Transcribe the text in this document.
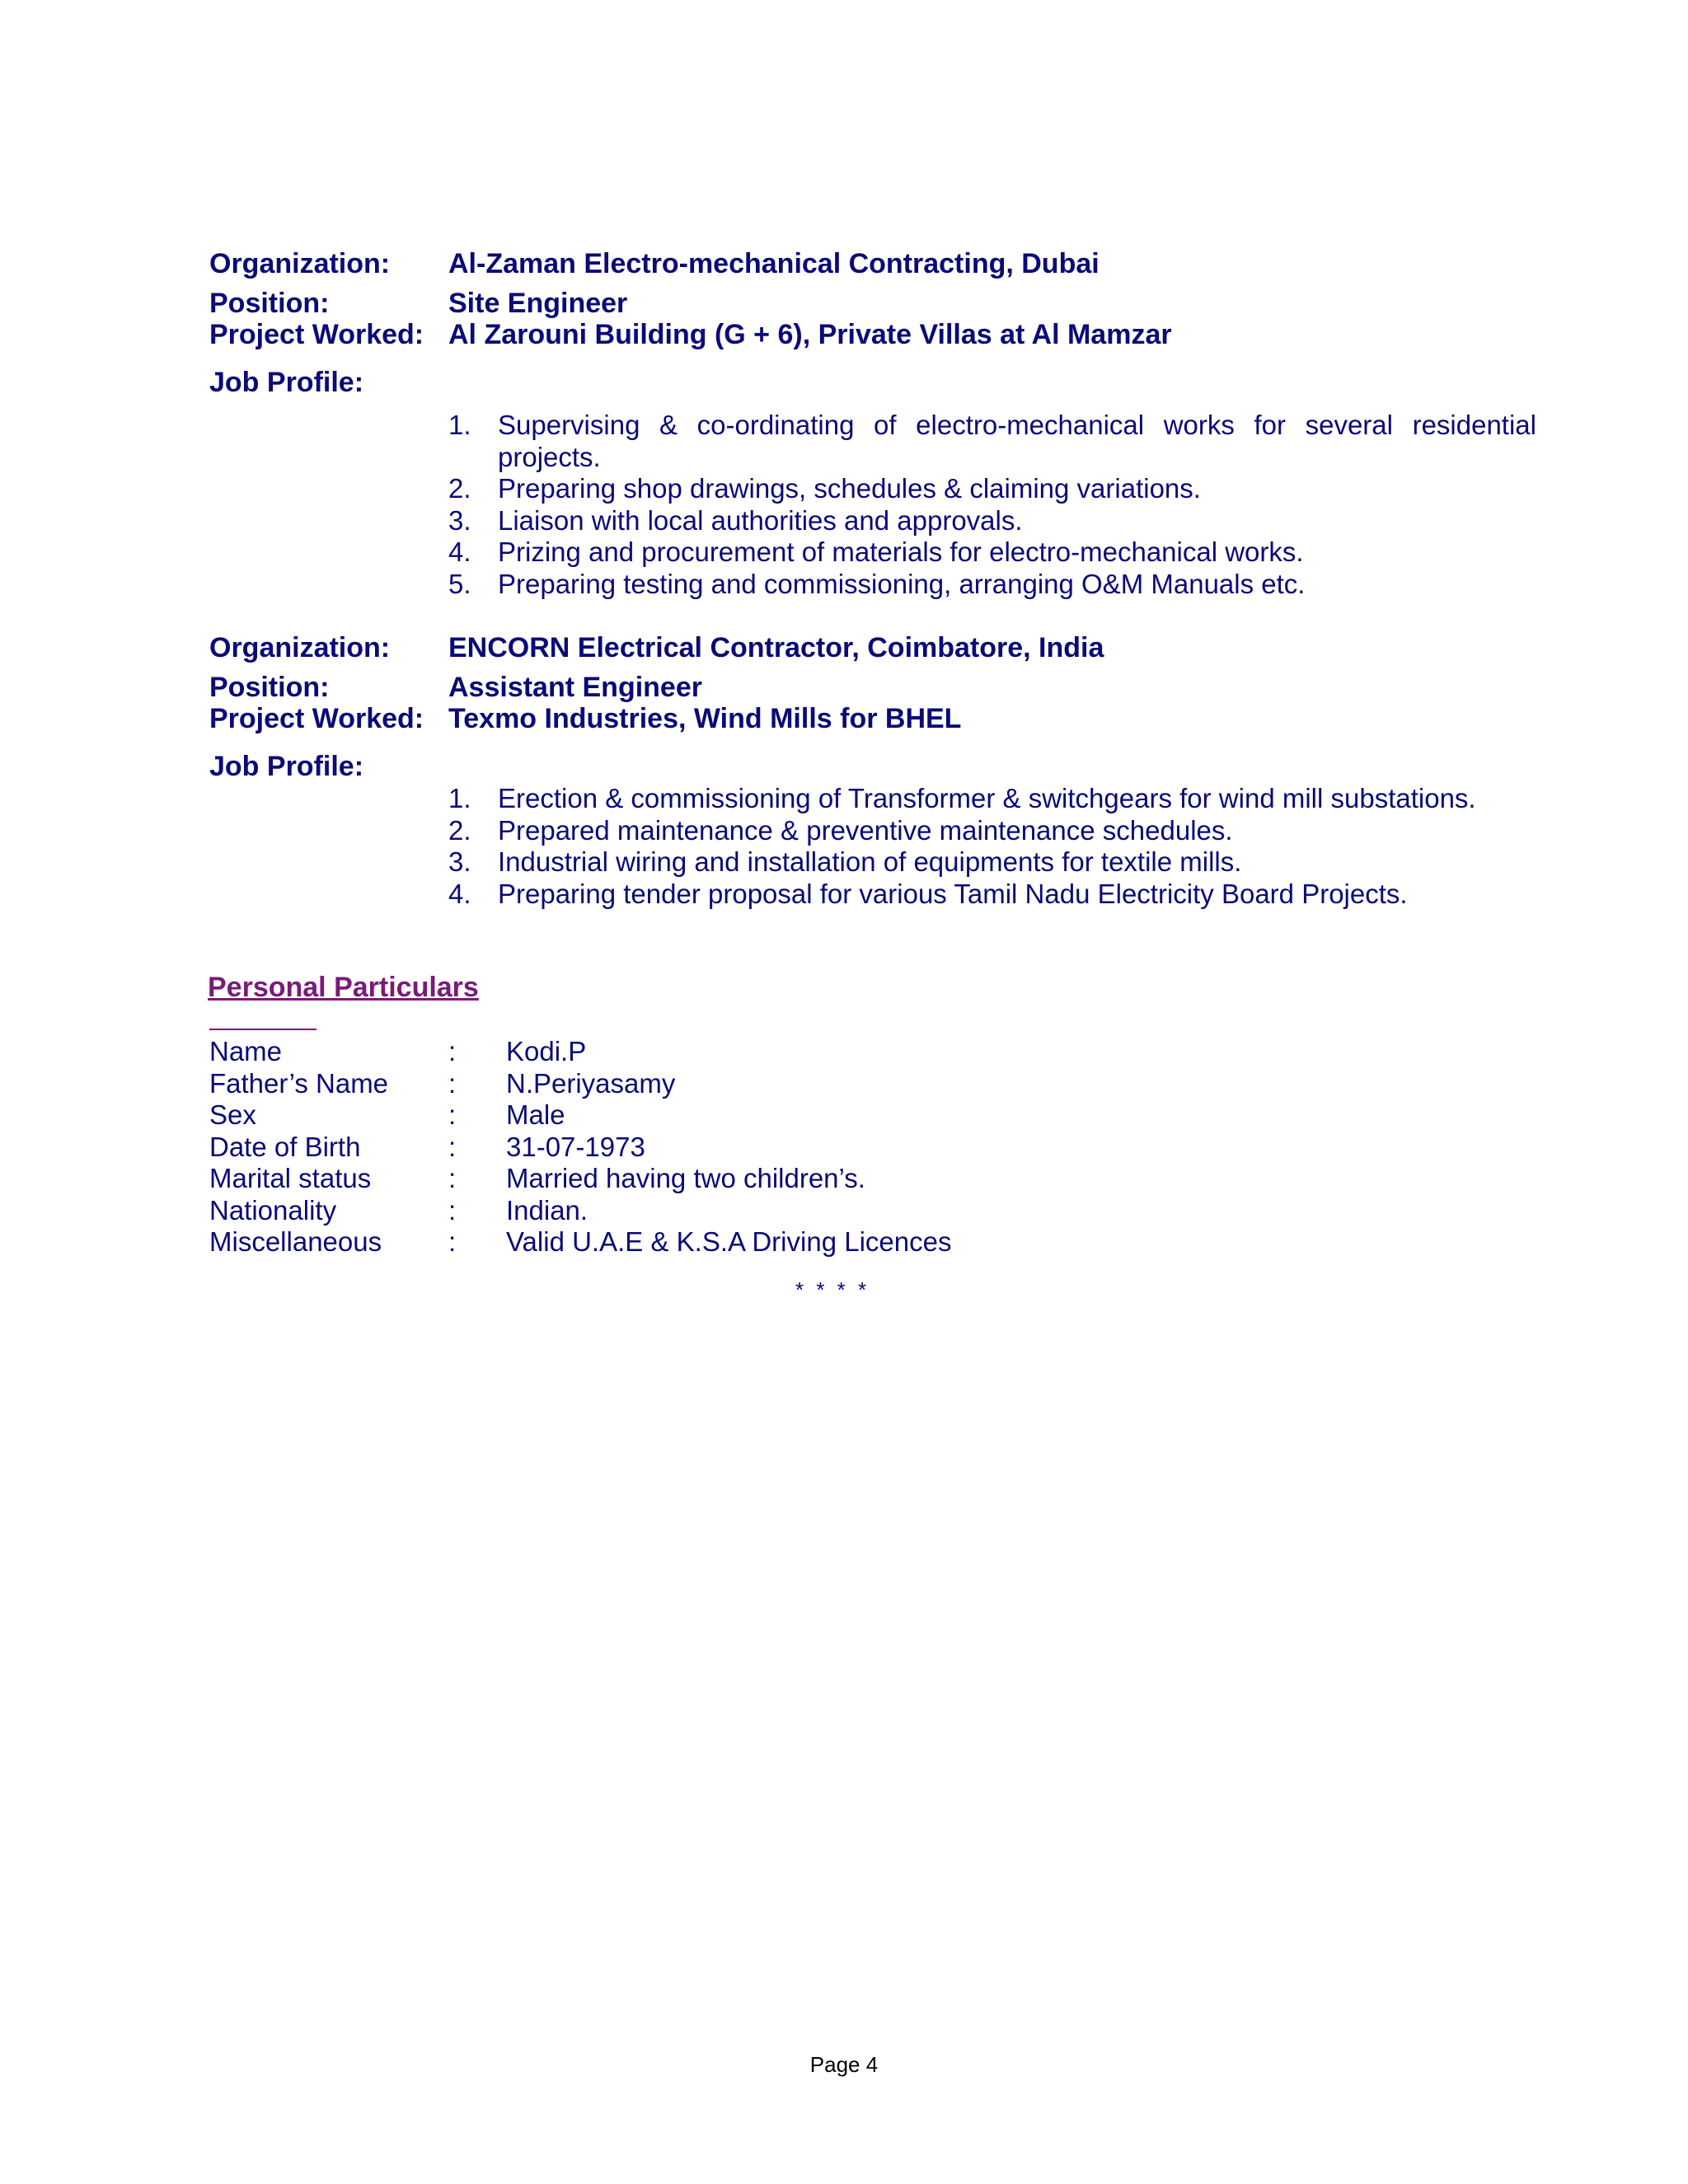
Organization:	Al-Zaman Electro-mechanical Contracting, Dubai
Position:	Site Engineer
Project Worked: Al Zarouni Building (G + 6), Private Villas at Al Mamzar
Job Profile:
1. Supervising & co-ordinating of electro-mechanical works for several residential
projects.
2. Preparing shop drawings, schedules & claiming variations.
3. Liaison with local authorities and approvals.
4. Prizing and procurement of materials for electro-mechanical works.
5. Preparing testing and commissioning, arranging O&M Manuals etc.
Organization:	ENCORN Electrical Contractor, Coimbatore, India
Position:	Assistant Engineer
Project Worked: Texmo Industries, Wind Mills for BHEL
Job Profile:
1. Erection & commissioning of Transformer & switchgears for wind mill substations.
2. Prepared maintenance & preventive maintenance schedules.
3. Industrial wiring and installation of equipments for textile mills.
4. Preparing tender proposal for various Tamil Nadu Electricity Board Projects.
Personal Particulars
Name	:	Kodi.P
Father’s Name	:	N.Periyasamy
Sex	:	Male
Date of Birth	:	31-07-1973
Marital status	:	Married having two children’s.
Nationality	:	Indian.
Miscellaneous	:	Valid U.A.E & K.S.A Driving Licences
* * * *
Page 4
